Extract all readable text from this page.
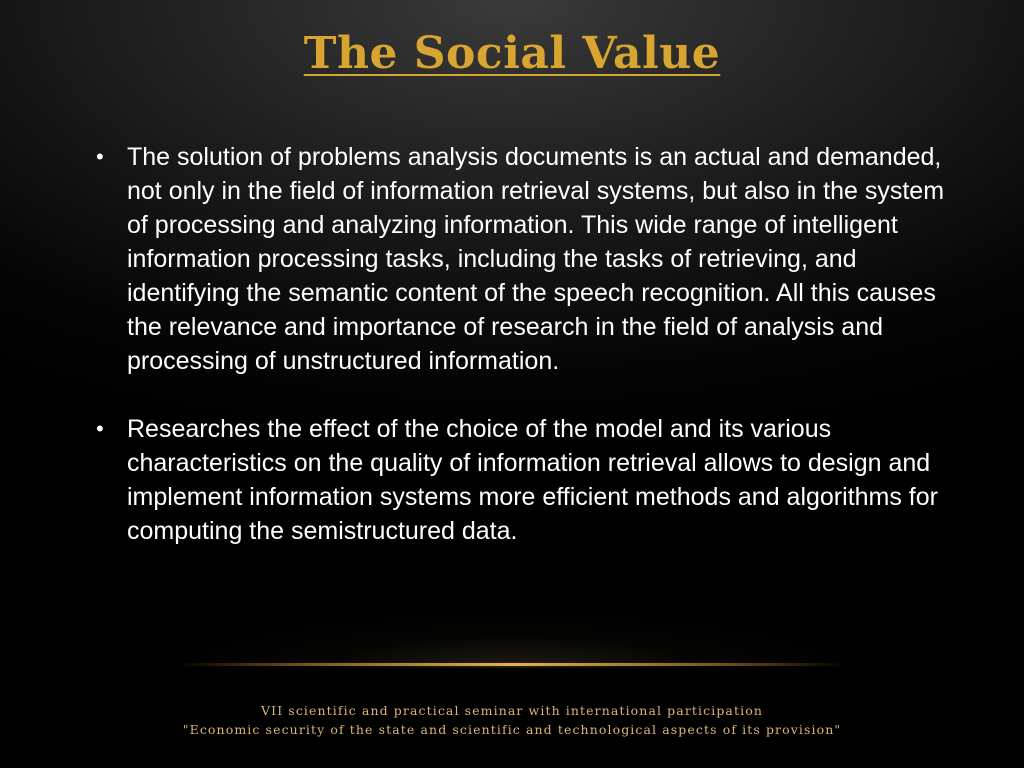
The Social Value
• The solution of problems analysis documents is an actual and demanded, not only in the field of information retrieval systems, but also in the system of processing and analyzing information. This wide range of intelligent information processing tasks, including the tasks of retrieving, and identifying the semantic content of the speech recognition. All this causes the relevance and importance of research in the field of analysis and processing of unstructured information.
• Researches the effect of the choice of the model and its various characteristics on the quality of information retrieval allows to design and implement information systems more efficient methods and algorithms for computing the semistructured data.
VII scientific and practical seminar with international participation
"Economic security of the state and scientific and technological aspects of its provision"
